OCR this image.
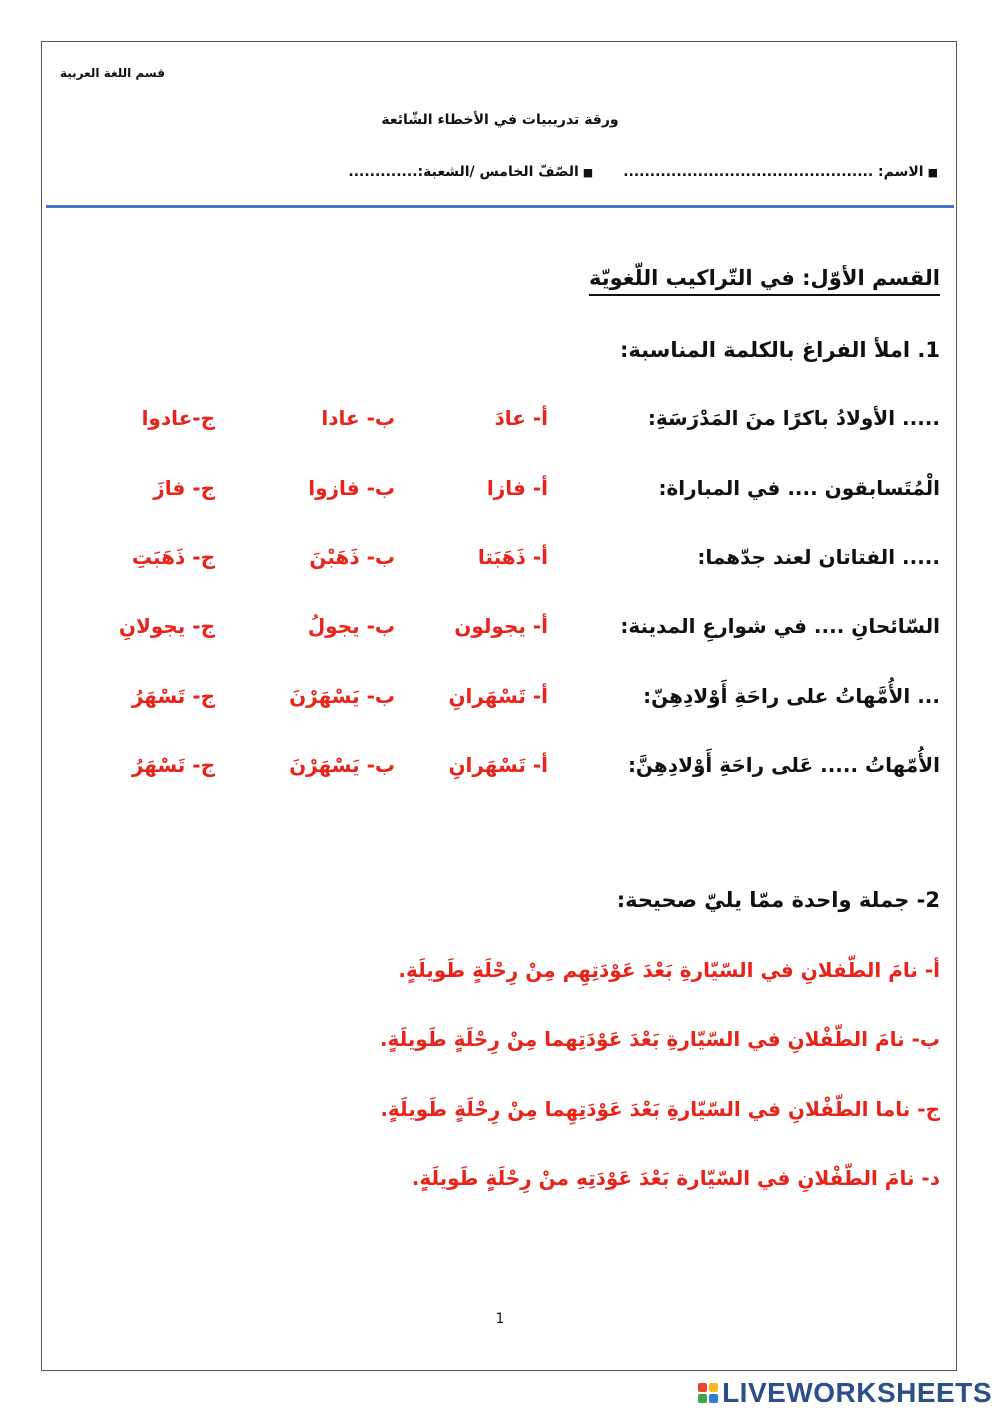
قسم اللغة العربية
ورقة تدريبيات في الأخطاء الشّائعة
■الاسم: ...............................................
■الصّفّ الخامس /الشعبة:.............
القسم الأوّل: في التّراكيب اللّغويّة
1. املأ الفراغ بالكلمة المناسبة:
..... الأولادُ باكرًا منَ المَدْرَسَةِ:
أ- عادَ
ب- عادا
ج-عادوا
الْمُتَسابقون .... في المباراة:
أ- فازا
ب- فازوا
ج- فازَ
..... الفتاتان لعند جدّهما:
أ- ذَهَبَتا
ب- ذَهَبْنَ
ج- ذَهَبَتِ
السّائحانِ .... في شوارعِ المدينة:
أ- يجولون
ب- يجولُ
ج- يجولانِ
... الأُمَّهاتُ على راحَةِ أَوْلادِهِنّ:
أ- تَسْهَرانِ
ب- يَسْهَرْنَ
ج- تَسْهَرُ
الأُمّهاتُ ..... عَلى راحَةِ أَوْلادِهِنَّ:
أ- تَسْهَرانِ
ب- يَسْهَرْنَ
ج- تَسْهَرُ
2- جملة واحدة ممّا يليّ صحيحة:
أ- نامَ الطّفلانِ في السّيّارةِ بَعْدَ عَوْدَتِهِم مِنْ رِحْلَةٍ طَويلَةٍ.
ب- نامَ الطّفْلانِ في السّيّارةِ بَعْدَ عَوْدَتِهما مِنْ رِحْلَةٍ طَويلَةٍ.
ج- ناما الطّفْلانِ في السّيّارةِ بَعْدَ عَوْدَتِهِما مِنْ رِحْلَةٍ طَويلَةٍ.
د- نامَ الطّفْلانِ في السّيّارة بَعْدَ عَوْدَتِهِ منْ رِحْلَةٍ طَويلَةٍ.
1
LIVEWORKSHEETS
